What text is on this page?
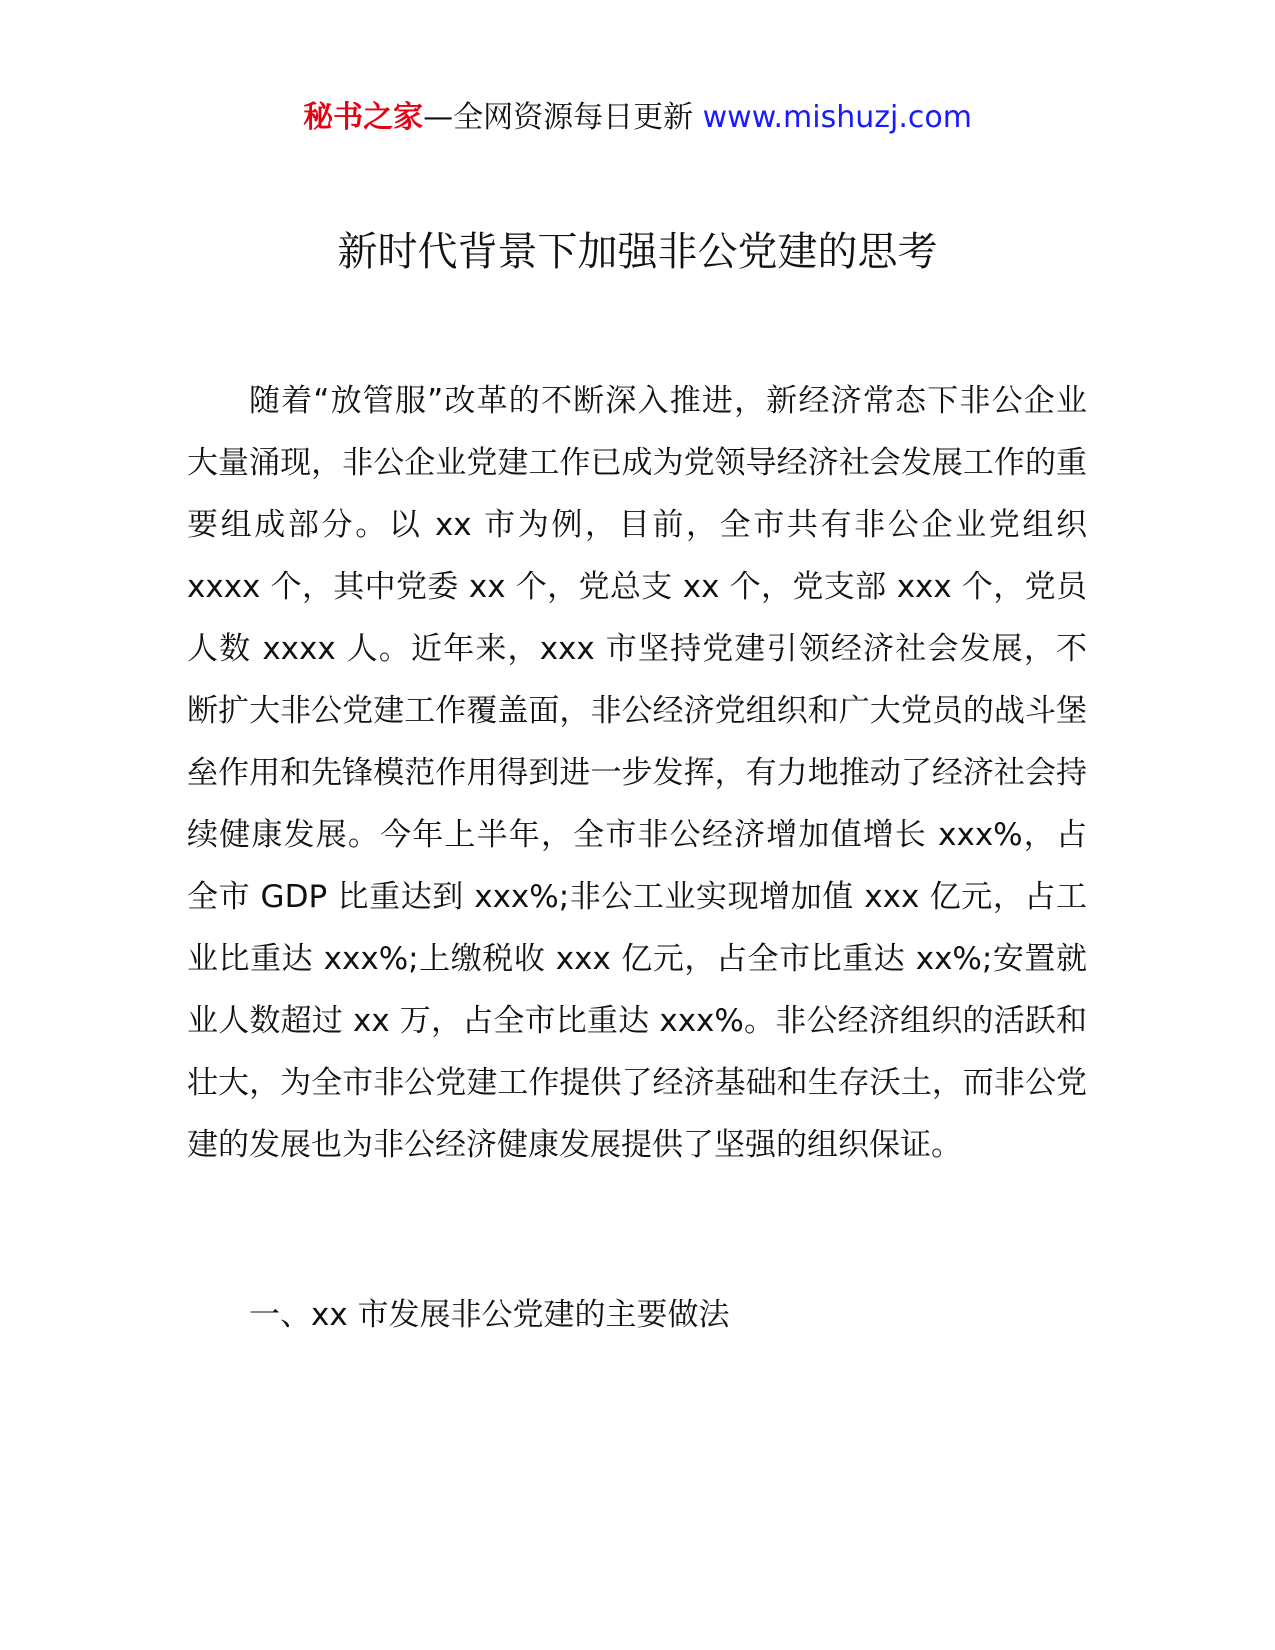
秘书之家—全网资源每日更新 www.mishuzj.com
新时代背景下加强非公党建的思考

随着“放管服”改革的不断深入推进，新经济常态下非公企业大量涌现，非公企业党建工作已成为党领导经济社会发展工作的重要组成部分。以 xx 市为例，目前，全市共有非公企业党组织 xxxx 个，其中党委 xx 个，党总支 xx 个，党支部 xxx 个，党员人数 xxxx 人。近年来，xxx 市坚持党建引领经济社会发展，不断扩大非公党建工作覆盖面，非公经济党组织和广大党员的战斗堡垒作用和先锋模范作用得到进一步发挥，有力地推动了经济社会持续健康发展。今年上半年，全市非公经济增加值增长 xxx%，占全市 GDP 比重达到 xxx%;非公工业实现增加值 xxx 亿元，占工业比重达 xxx%;上缴税收 xxx 亿元，占全市比重达 xx%;安置就业人数超过 xx 万，占全市比重达 xxx%。非公经济组织的活跃和壮大，为全市非公党建工作提供了经济基础和生存沃土，而非公党建的发展也为非公经济健康发展提供了坚强的组织保证。

一、xx 市发展非公党建的主要做法
